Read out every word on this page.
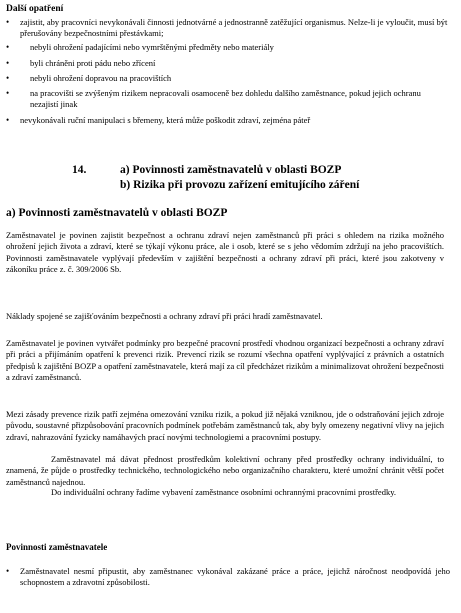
Další opatření
•	zajistit, aby pracovníci nevykonávali činnosti jednotvárné a jednostranně zatěžující organismus. Nelze-li je vyloučit, musí být přerušovány bezpečnostními přestávkami;
•	nebyli ohrožení padajícími nebo vymrštěnými předměty nebo materiály
•	byli chráněni proti pádu nebo zřícení
•	nebyli ohrožení dopravou na pracovištích
•	na pracovišti se zvýšeným rizikem nepracovali osamoceně bez dohledu dalšího zaměstnance, pokud jejich ochranu nezajistí jinak
•	nevykonávali ruční manipulaci s břemeny, která může poškodit zdraví, zejména páteř
14.	a) Povinnosti zaměstnavatelů v oblasti BOZP
b) Rizika při provozu zařízení emitujícího záření
a) Povinnosti zaměstnavatelů v oblasti BOZP
Zaměstnavatel je povinen zajistit bezpečnost a ochranu zdraví nejen zaměstnanců při práci s ohledem na rizika možného ohrožení jejich života a zdraví, které se týkají výkonu práce, ale i osob, které se s jeho vědomím zdržují na jeho pracovištích. Povinnosti zaměstnavatele vyplývají především v zajištění bezpečnosti a ochrany zdraví při práci, které jsou zakotveny v zákoníku práce z. č. 309/2006 Sb.
Náklady spojené se zajišťováním bezpečnosti a ochrany zdraví při práci hradí zaměstnavatel.
Zaměstnavatel je povinen vytvářet podmínky pro bezpečné pracovní prostředí vhodnou organizací bezpečnosti a ochrany zdraví při práci a přijímáním opatření k prevenci rizik. Prevencí rizik se rozumí všechna opatření vyplývající z právních a ostatních předpisů k zajištění BOZP a opatření zaměstnavatele, která mají za cíl předcházet rizikům a minimalizovat ohrožení bezpečnosti a zdraví zaměstnanců.
Mezi zásady prevence rizik patří zejména omezování vzniku rizik, a pokud již nějaká vzniknou, jde o odstraňování jejich zdroje původu, soustavné přizpůsobování pracovních podmínek potřebám zaměstnanců tak, aby byly omezeny negativní vlivy na jejich zdraví, nahrazování fyzicky namáhavých prací novými technologiemi a pracovními postupy.
Zaměstnavatel má dávat přednost prostředkům kolektivní ochrany před prostředky ochrany individuální, to znamená, že půjde o prostředky technického, technologického nebo organizačního charakteru, které umožní chránit větší počet zaměstnanců najednou.
Do individuální ochrany řadíme vybavení zaměstnance osobními ochrannými pracovními prostředky.
Povinnosti zaměstnavatele
•	Zaměstnavatel nesmí připustit, aby zaměstnanec vykonával zakázané práce a práce, jejichž náročnost neodpovídá jeho schopnostem a zdravotní způsobilosti.
